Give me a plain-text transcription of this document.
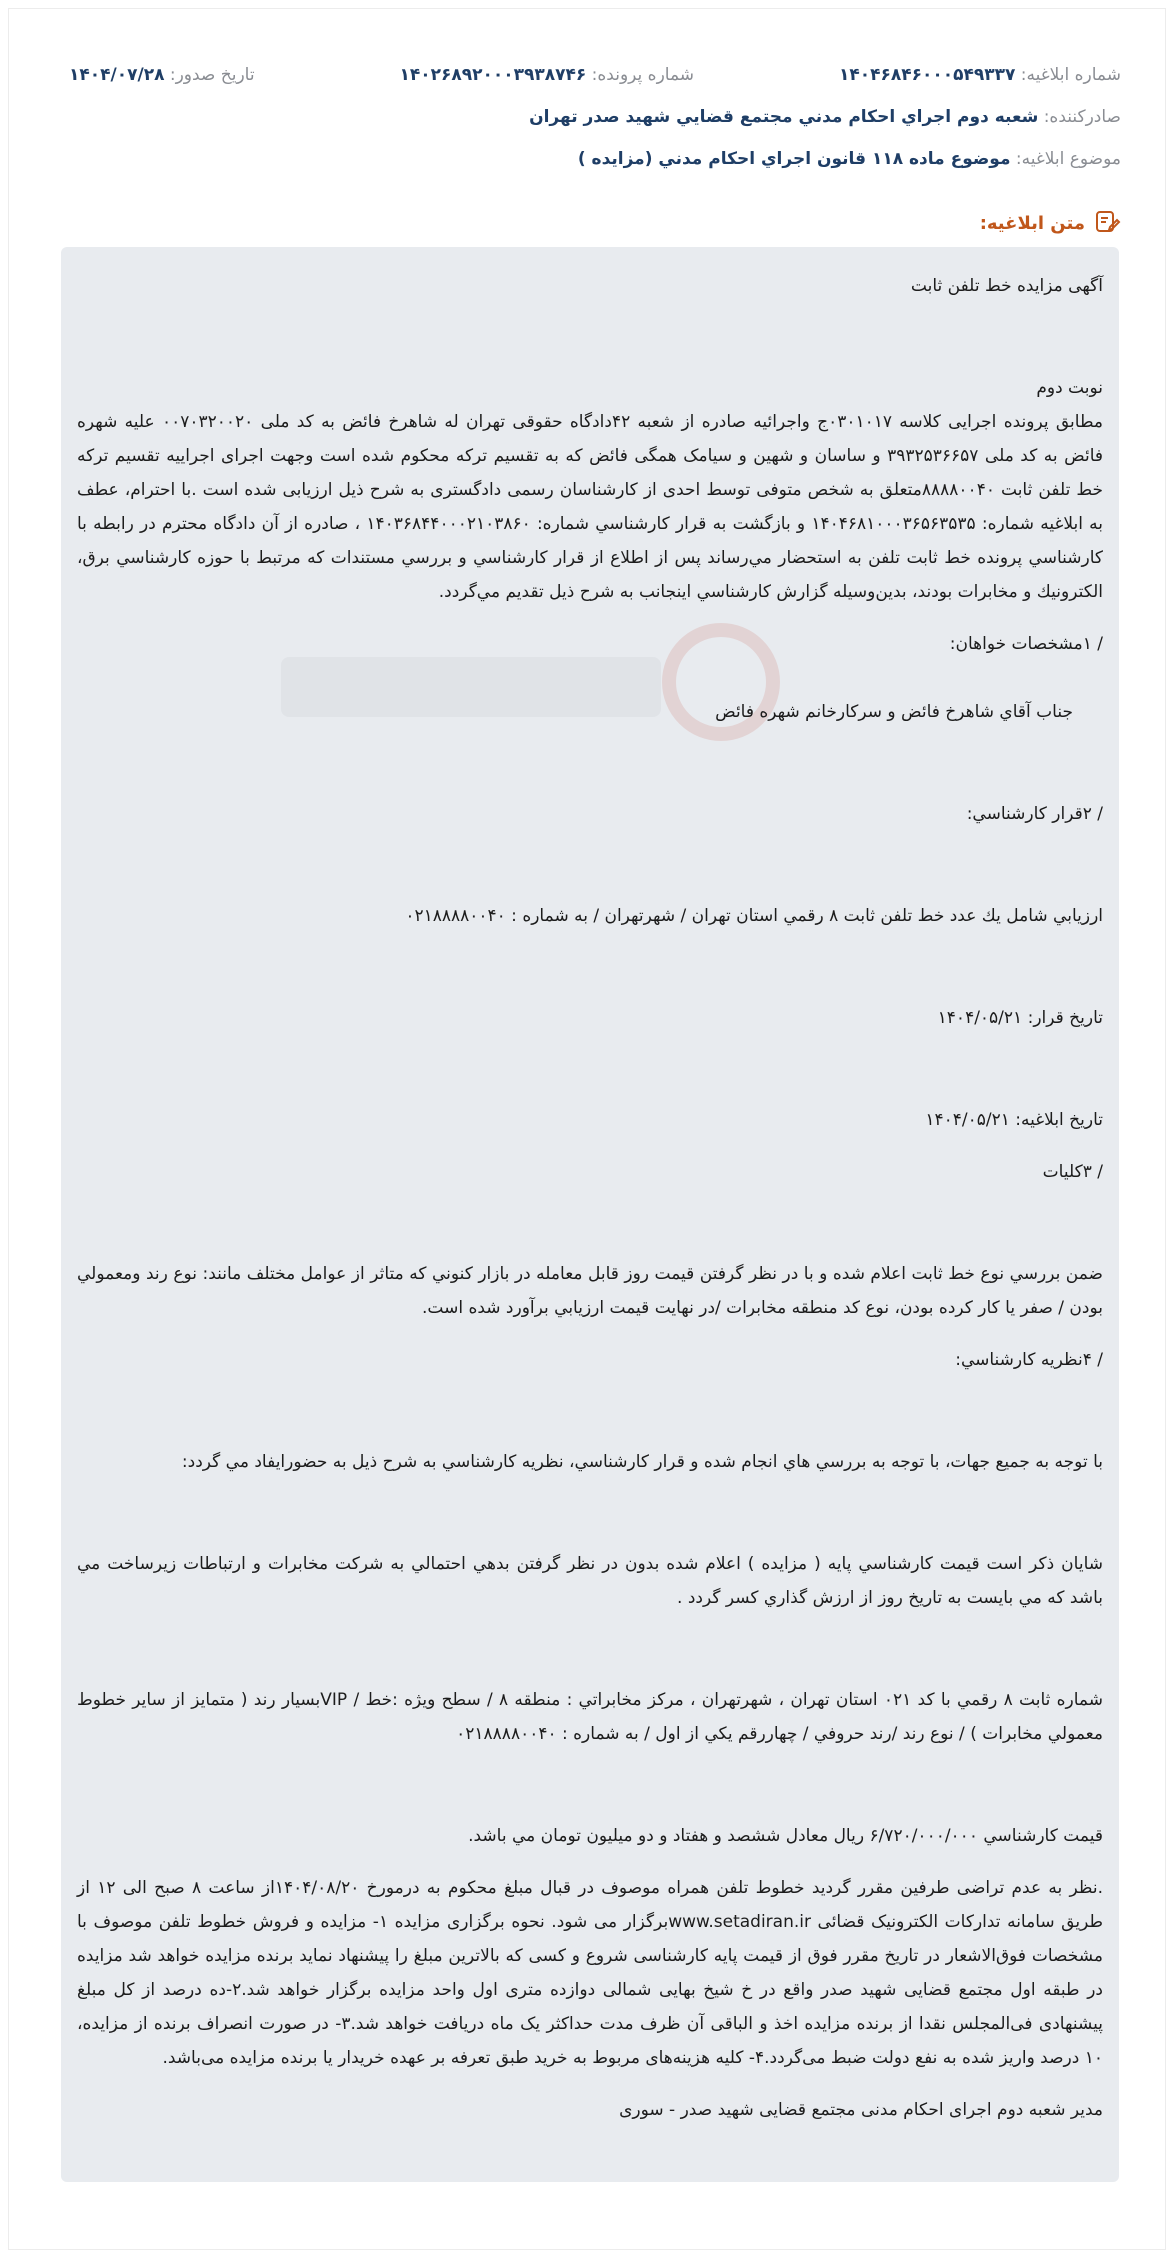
شماره ابلاغیه: ۱۴۰۴۶۸۴۶۰۰۰۵۴۹۳۳۷
شماره پرونده: ۱۴۰۲۶۸۹۲۰۰۰۳۹۳۸۷۴۶
تاریخ صدور: ۱۴۰۴/۰۷/۲۸
صادرکننده: شعبه دوم اجراي احكام مدني مجتمع قضايي شهيد صدر تهران
موضوع ابلاغیه: موضوع ماده ۱۱۸ قانون اجراي احكام مدني (مزايده )
متن ابلاغیه:

آگهی مزایده خط تلفن ثابت

نوبت دوم

مطابق پرونده اجرایی کلاسه ۰۳۰۱۰۱۷ج واجرائیه صادره از شعبه ۴۲دادگاه حقوقی تهران له شاهرخ فائض به کد ملی ۰۰۷۰۳۲۰۰۲۰ علیه شهره فائض به کد ملی ۳۹۳۲۵۳۶۶۵۷ و ساسان و شهین و سیامک همگی فائض که به تقسیم ترکه محکوم شده است وجهت اجرای اجراییه تقسیم ترکه خط تلفن ثابت ۸۸۸۸۰۰۴۰متعلق به شخص متوفی توسط احدی از کارشناسان رسمی دادگستری به شرح ذیل ارزیابی شده است .با احترام، عطف به ابلاغيه شماره: ۱۴۰۴۶۸۱۰۰۰۳۶۵۶۳۵۳۵ و بازگشت به قرار كارشناسي شماره: ۱۴۰۳۶۸۴۴۰۰۰۲۱۰۳۸۶۰ ، صادره از آن دادگاه محترم در رابطه با كارشناسي پرونده خط ثابت تلفن به استحضار مي‌رساند پس از اطلاع از قرار كارشناسي و بررسي مستندات كه مرتبط با حوزه كارشناسي برق، الكترونيك و مخابرات بودند، بدين‌وسيله گزارش كارشناسي اينجانب به شرح ذيل تقديم مي‌گردد.

/ ۱مشخصات خواهان:

جناب آقاي شاهرخ فائض و سركارخانم شهره فائض

/ ۲قرار كارشناسي:

ارزيابي شامل يك عدد خط تلفن ثابت ۸ رقمي استان تهران / شهرتهران / به شماره : ۰۲۱۸۸۸۸۰۰۴۰

تاريخ قرار: ۱۴۰۴/۰۵/۲۱

تاريخ ابلاغيه: ۱۴۰۴/۰۵/۲۱

/ ۳كليات

ضمن بررسي نوع خط ثابت اعلام شده و با در نظر گرفتن قيمت روز قابل معامله در بازار كنوني كه متاثر از عوامل مختلف مانند: نوع رند ومعمولي بودن / صفر يا كار كرده بودن، نوع كد منطقه مخابرات /در نهايت قيمت ارزيابي برآورد شده است.

/ ۴نظريه كارشناسي:

با توجه به جميع جهات، با توجه به بررسي هاي انجام شده و قرار كارشناسي، نظريه كارشناسي به شرح ذيل به حضورايفاد مي گردد:

شايان ذكر است قيمت كارشناسي پايه ( مزايده ) اعلام شده بدون در نظر گرفتن بدهي احتمالي به شركت مخابرات و ارتباطات زيرساخت مي باشد كه مي بايست به تاريخ روز از ارزش گذاري كسر گردد .

شماره ثابت ۸ رقمي با كد ۰۲۱ استان تهران ، شهرتهران ، مركز مخابراتي : منطقه ۸ / سطح ويژه :خط / VIPبسيار رند ( متمايز از ساير خطوط معمولي مخابرات ) / نوع رند /رند حروفي / چهاررقم يكي از اول / به شماره : ۰۲۱۸۸۸۸۰۰۴۰

قيمت كارشناسي ۶/۷۲۰/۰۰۰/۰۰۰ ريال معادل ششصد و هفتاد و دو ميليون تومان مي باشد.

.نظر به عدم تراضی طرفین مقرر گردید خطوط تلفن همراه موصوف در قبال مبلغ محکوم به درمورخ ۱۴۰۴/۰۸/۲۰از ساعت ۸ صبح الی ۱۲ از طریق سامانه تدارکات الکترونیک قضائی www.setadiran.irبرگزار می شود. نحوه برگزاری مزایده ۱- مزایده و فروش خطوط تلفن موصوف با مشخصات فوق‌الاشعار در تاریخ مقرر فوق از قیمت پایه کارشناسی شروع و کسی که بالاترین مبلغ را پیشنهاد نماید برنده مزایده خواهد شد مزایده در طبقه اول مجتمع قضایی شهید صدر واقع در خ شیخ بهایی شمالی دوازده متری اول واحد مزایده برگزار خواهد شد.۲-ده درصد از کل مبلغ پیشنهادی فی‌المجلس نقدا از برنده مزایده اخذ و الباقی آن ظرف مدت حداکثر یک ماه دریافت خواهد شد.۳- در صورت انصراف برنده از مزایده، ۱۰ درصد واریز شده به نفع دولت ضبط می‌گردد.۴- کلیه هزینه‌های مربوط به خرید طبق تعرفه بر عهده خریدار یا برنده مزایده می‌باشد.

مدیر شعبه دوم اجرای احکام مدنی مجتمع قضایی شهید صدر - سوری
